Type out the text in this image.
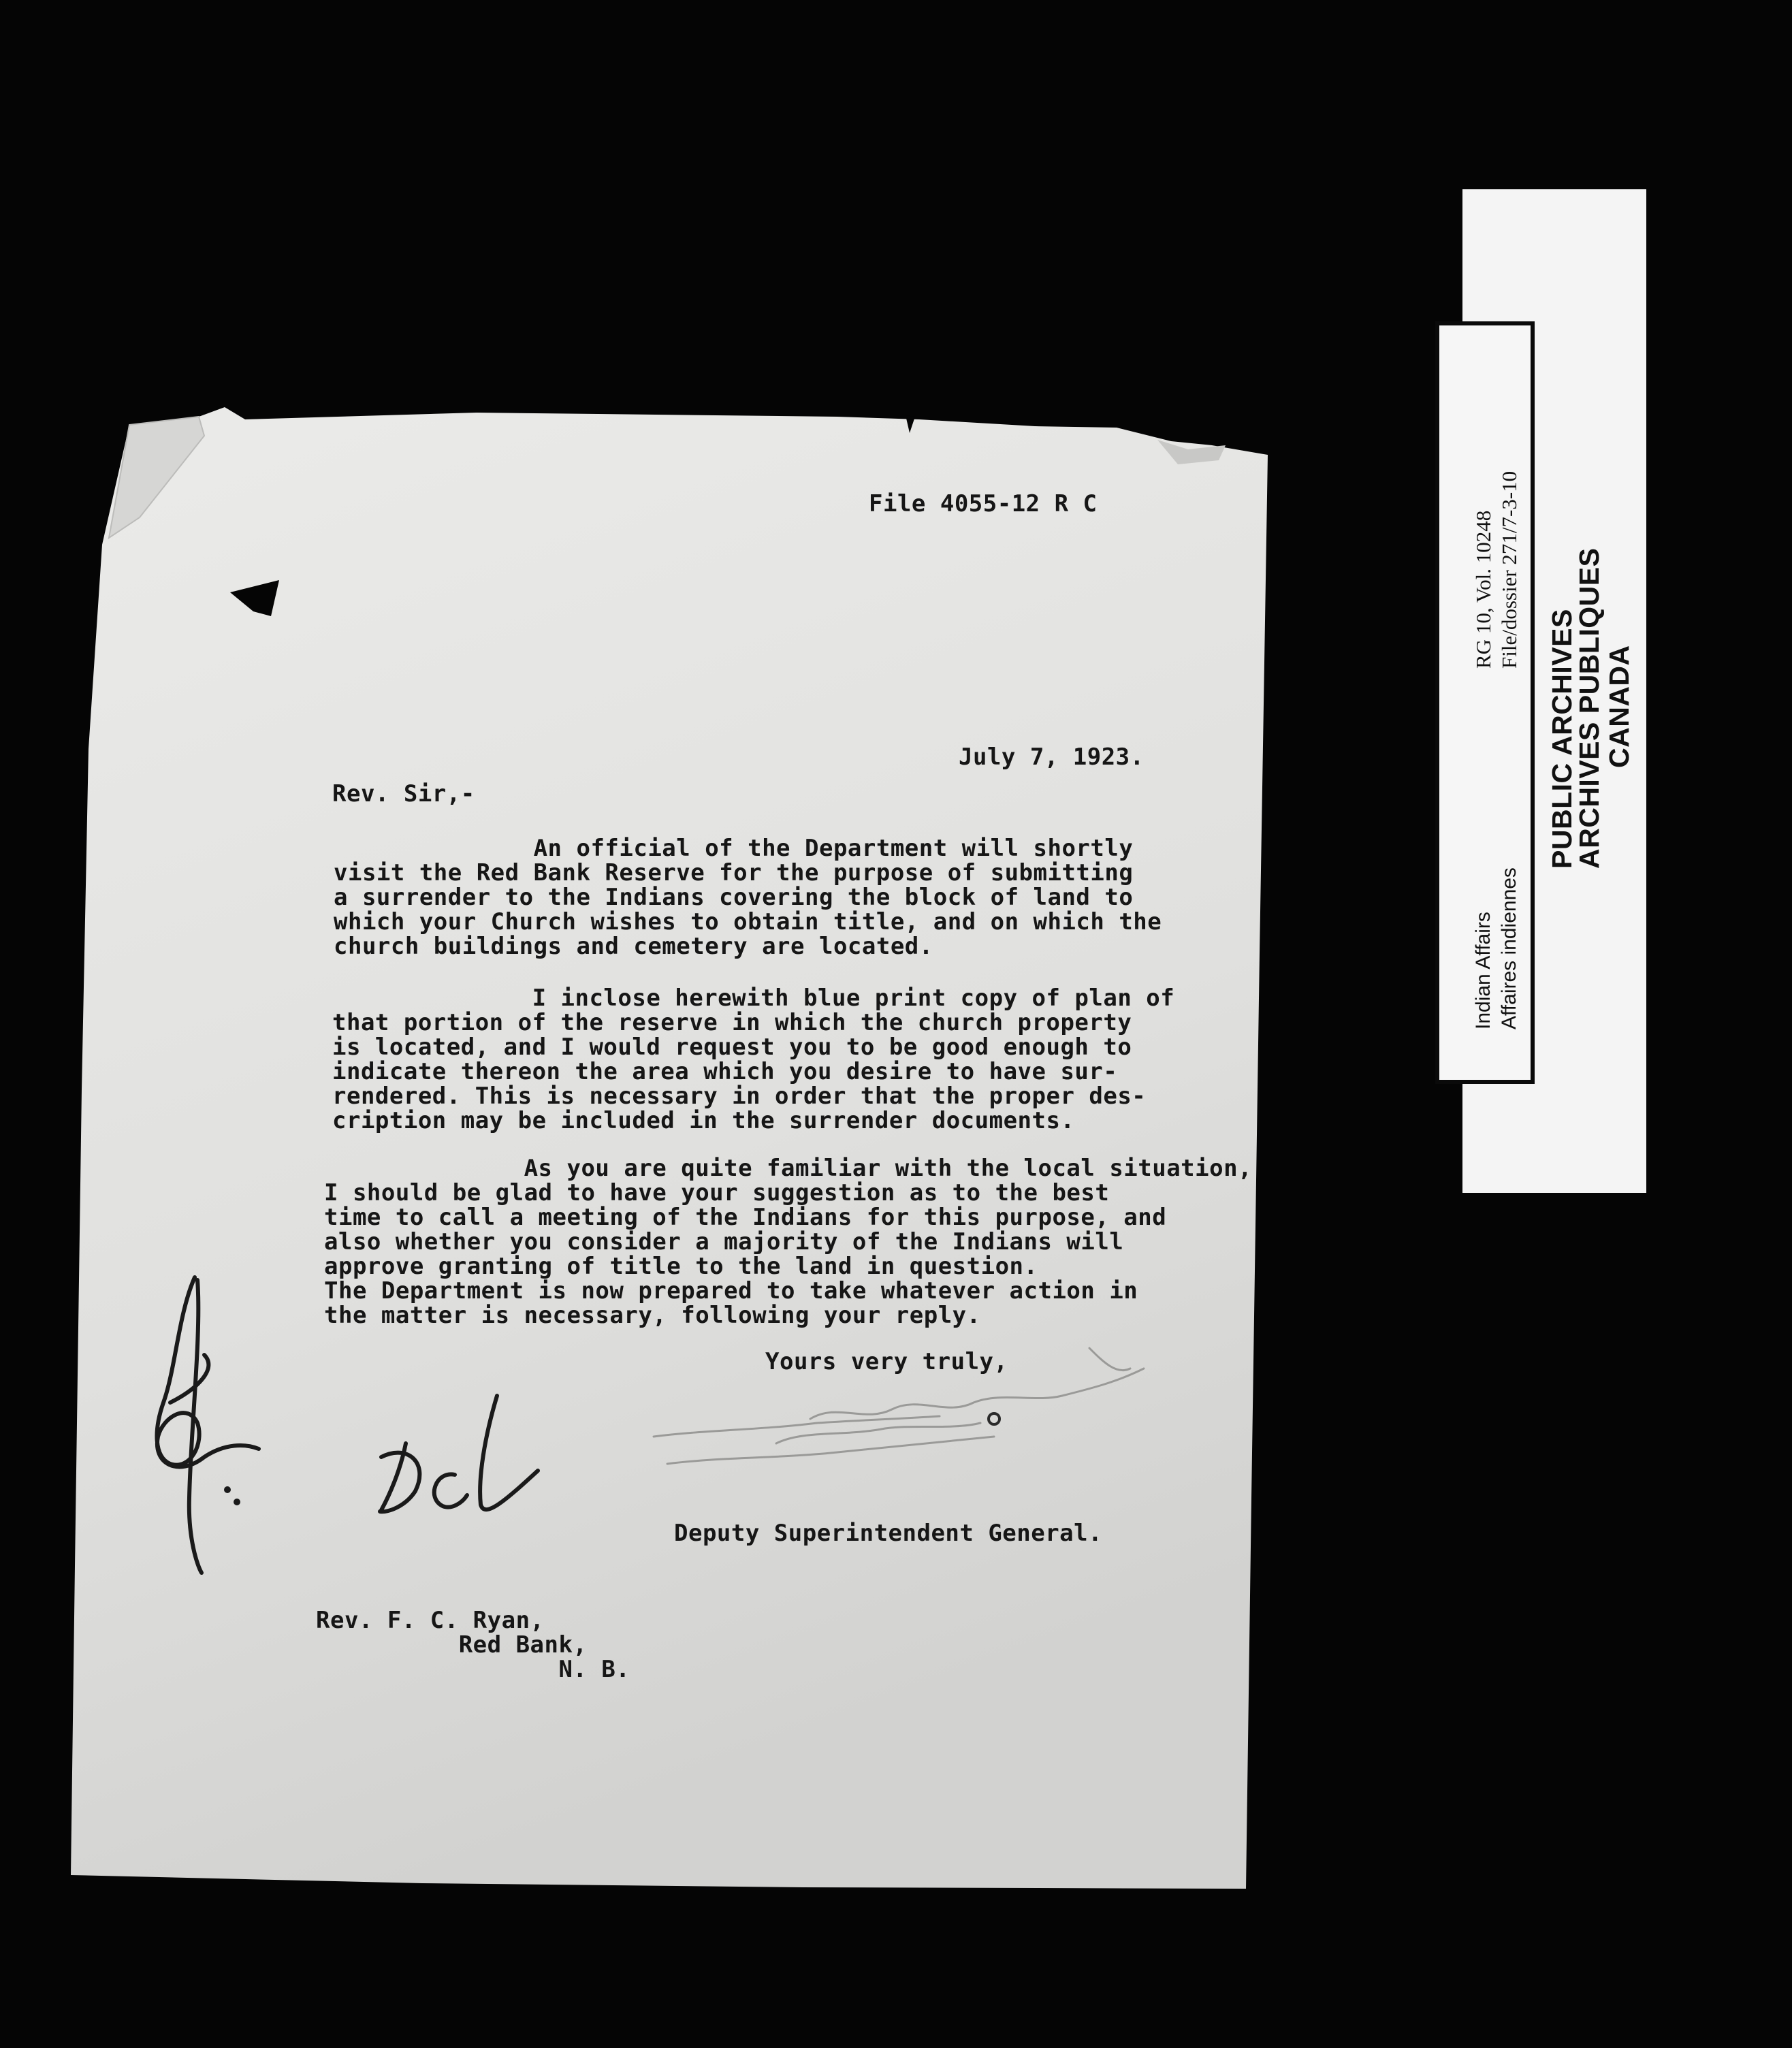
File 4055-12 R C
July 7, 1923.
Rev. Sir,-
An official of the Department will shortly
visit the Red Bank Reserve for the purpose of submitting
a surrender to the Indians covering the block of land to
which your Church wishes to obtain title, and on which the
church buildings and cemetery are located.
I inclose herewith blue print copy of plan of
that portion of the reserve in which the church property
is located, and I would request you to be good enough to
indicate thereon the area which you desire to have sur-
rendered. This is necessary in order that the proper des-
cription may be included in the surrender documents.
As you are quite familiar with the local situation,
I should be glad to have your suggestion as to the best
time to call a meeting of the Indians for this purpose, and
also whether you consider a majority of the Indians will
approve granting of title to the land in question.
The Department is now prepared to take whatever action in
the matter is necessary, following your reply.
Yours very truly,
Deputy Superintendent General.
Rev. F. C. Ryan,
Red Bank,
N. B.
Indian Affairs Affaires indiennes
RG 10, Vol. 10248 File/dossier 271/7-3-10
PUBLIC ARCHIVES
ARCHIVES PUBLIQUES
CANADA
